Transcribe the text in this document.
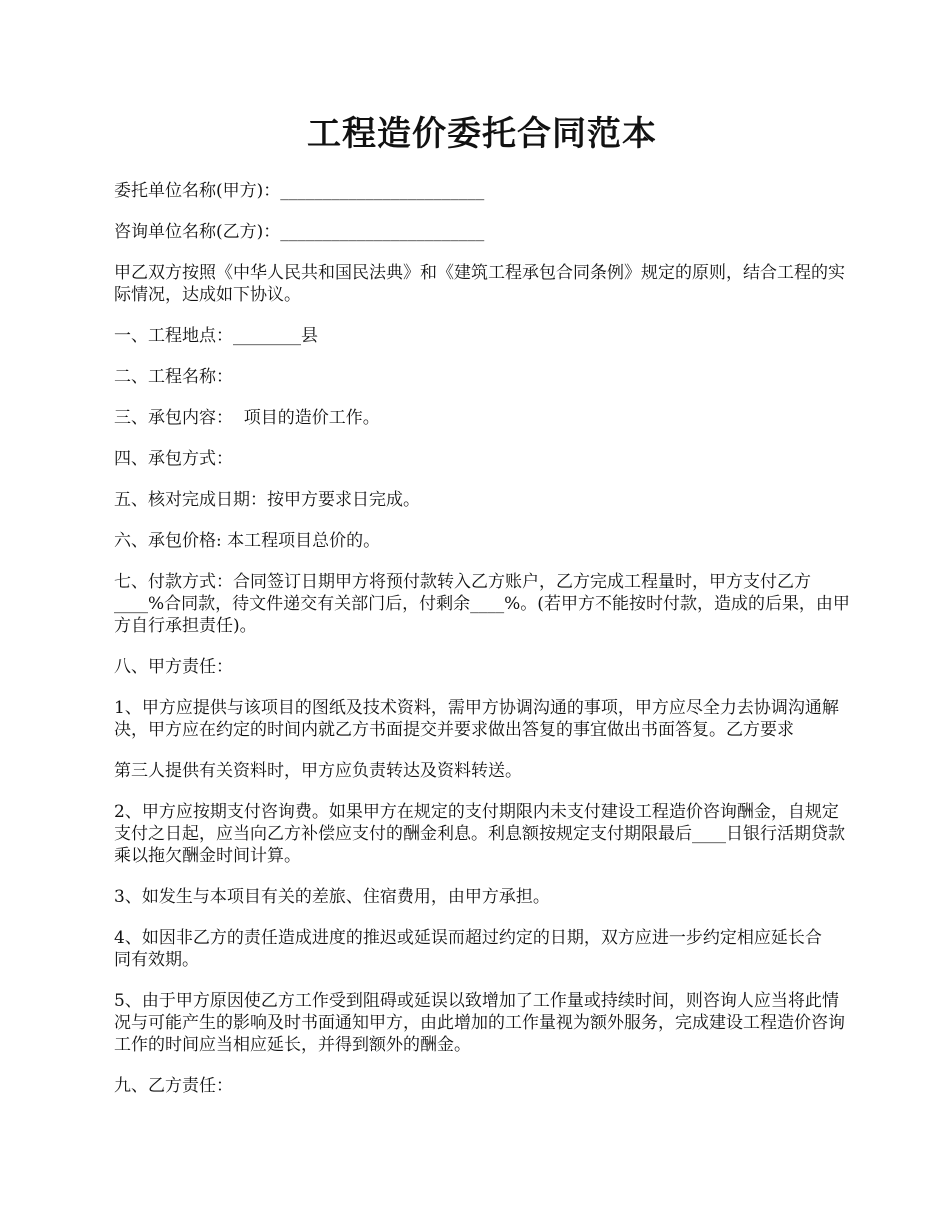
工程造价委托合同范本

委托单位名称(甲方)：________________________

咨询单位名称(乙方)：________________________

甲乙双方按照《中华人民共和国民法典》和《建筑工程承包合同条例》规定的原则，结合工程的实际情况，达成如下协议。

一、工程地点：________县

二、工程名称：

三、承包内容：  项目的造价工作。

四、承包方式：

五、核对完成日期：按甲方要求日完成。

六、承包价格: 本工程项目总价的。

七、付款方式：合同签订日期甲方将预付款转入乙方账户，乙方完成工程量时，甲方支付乙方____%合同款，待文件递交有关部门后，付剩余____%。(若甲方不能按时付款，造成的后果，由甲方自行承担责任)。

八、甲方责任：

1、甲方应提供与该项目的图纸及技术资料，需甲方协调沟通的事项，甲方应尽全力去协调沟通解决，甲方应在约定的时间内就乙方书面提交并要求做出答复的事宜做出书面答复。乙方要求

第三人提供有关资料时，甲方应负责转达及资料转送。

2、甲方应按期支付咨询费。如果甲方在规定的支付期限内未支付建设工程造价咨询酬金，自规定支付之日起，应当向乙方补偿应支付的酬金利息。利息额按规定支付期限最后____日银行活期贷款乘以拖欠酬金时间计算。

3、如发生与本项目有关的差旅、住宿费用，由甲方承担。

4、如因非乙方的责任造成进度的推迟或延误而超过约定的日期，双方应进一步约定相应延长合同有效期。

5、由于甲方原因使乙方工作受到阻碍或延误以致增加了工作量或持续时间，则咨询人应当将此情况与可能产生的影响及时书面通知甲方，由此增加的工作量视为额外服务，完成建设工程造价咨询工作的时间应当相应延长，并得到额外的酬金。

九、乙方责任：
